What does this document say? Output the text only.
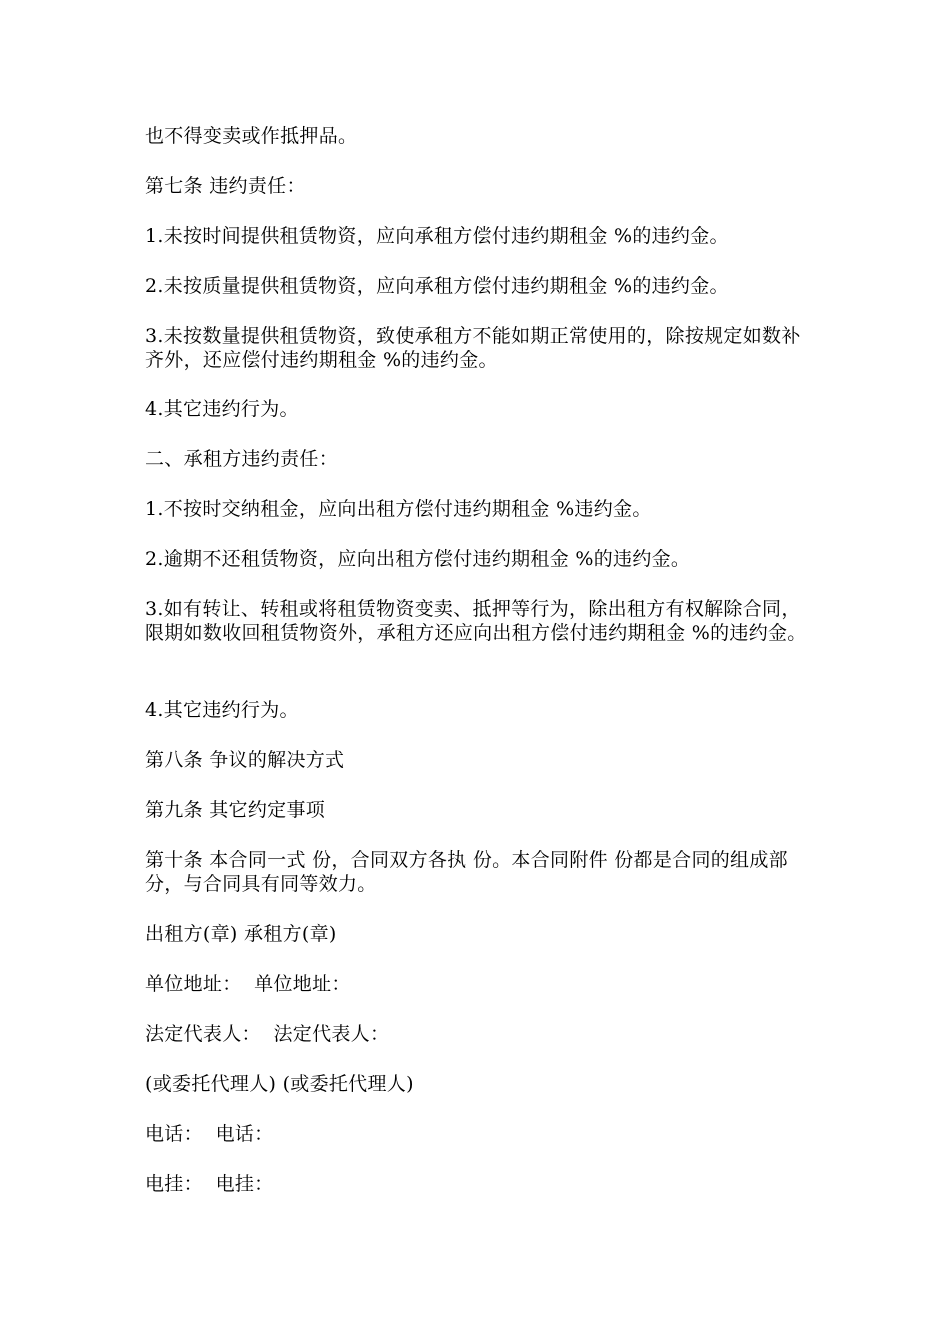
也不得变卖或作抵押品。

第七条 违约责任：

1.未按时间提供租赁物资，应向承租方偿付违约期租金 %的违约金。

2.未按质量提供租赁物资，应向承租方偿付违约期租金 %的违约金。

3.未按数量提供租赁物资，致使承租方不能如期正常使用的，除按规定如数补齐外，还应偿付违约期租金 %的违约金。

4.其它违约行为。

二、承租方违约责任：

1.不按时交纳租金，应向出租方偿付违约期租金 %违约金。

2.逾期不还租赁物资，应向出租方偿付违约期租金 %的违约金。

3.如有转让、转租或将租赁物资变卖、抵押等行为，除出租方有权解除合同，限期如数收回租赁物资外，承租方还应向出租方偿付违约期租金 %的违约金。

4.其它违约行为。

第八条 争议的解决方式

第九条 其它约定事项

第十条 本合同一式 份，合同双方各执 份。本合同附件 份都是合同的组成部分，与合同具有同等效力。

出租方(章) 承租方(章)

单位地址：  单位地址：

法定代表人：  法定代表人：

(或委托代理人) (或委托代理人)

电话：  电话：

电挂：  电挂：
